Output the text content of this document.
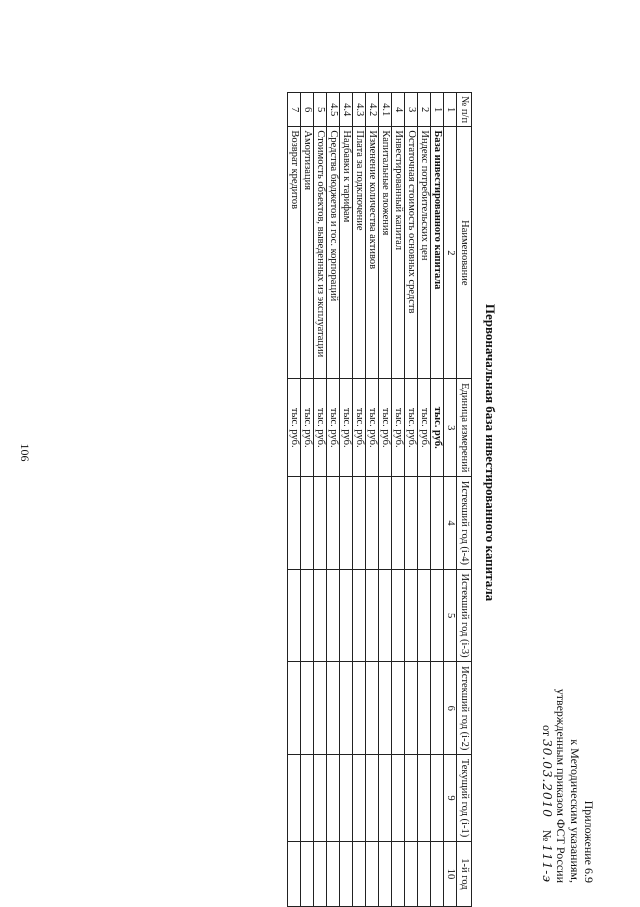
Приложение 6.9
к Методическим указаниям,
утвержденным приказом ФСТ России
от 30.03.2010    № 111-э
Первоначальная база инвестированного капитала
№ п/п	Наименование	Единица измерений	Истекший год (i-4)	Истекший год (i-3)	Истекший год (i-2)	Текущий год (i-1)	1-й год
1	2	3	4	5	6	9	10
1	База инвестированного капитала	тыс. руб.					
2	Индекс потребительских цен	тыс. руб.					
3	Остаточная стоимость основных средств	тыс. руб.					
4	Инвестированный капитал	тыс. руб.					
4.1	Капитальные вложения	тыс. руб.					
4.2	Изменение количества активов	тыс. руб.					
4.3	Плата за подключение	тыс. руб.					
4.4	Надбавки к тарифам	тыс. руб.					
4.5	Средства бюджетов и гос. корпораций	тыс. руб.					
5	Стоимость объектов, выведенных из эксплуатации	тыс. руб.					
6	Амортизация	тыс. руб.					
7	Возврат кредитов	тыс. руб.					
106
